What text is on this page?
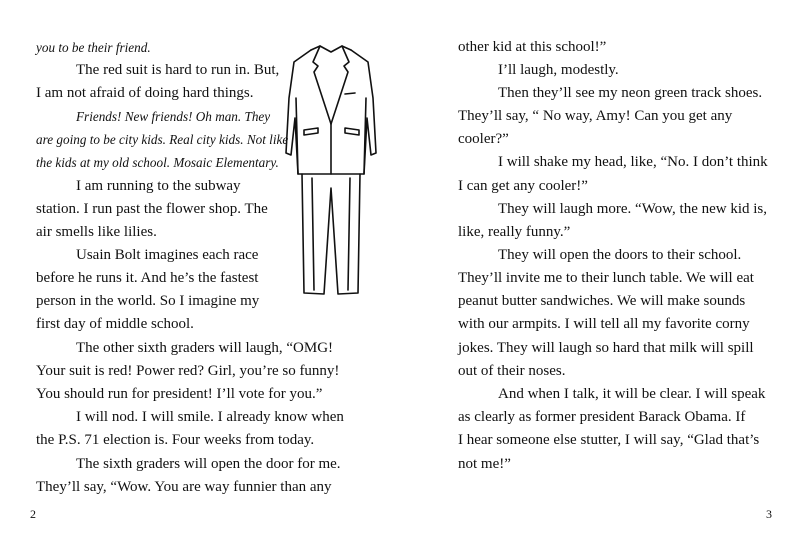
you to be their friend.

The red suit is hard to run in. But,

I am not afraid of doing hard things.

Friends! New friends! Oh man. They

are going to be city kids. Real city kids. Not like

the kids at my old school. Mosaic Elementary.

I am running to the subway

station. I run past the flower shop. The

air smells like lilies.

Usain Bolt imagines each race

before he runs it. And he’s the fastest

person in the world. So I imagine my

first day of middle school.

The other sixth graders will laugh, “OMG!

Your suit is red! Power red? Girl, you’re so funny!

You should run for president! I’ll vote for you.”

I will nod. I will smile. I already know when

the P.S. 71 election is. Four weeks from today.

The sixth graders will open the door for me.

They’ll say, “Wow. You are way funnier than any

2

other kid at this school!”

I’ll laugh, modestly.

Then they’ll see my neon green track shoes.

They’ll say, “ No way, Amy! Can you get any

cooler?”

I will shake my head, like, “No. I don’t think

I can get any cooler!”

They will laugh more. “Wow, the new kid is,

like, really funny.”

They will open the doors to their school.

They’ll invite me to their lunch table. We will eat

peanut butter sandwiches. We will make sounds

with our armpits. I will tell all my favorite corny

jokes. They will laugh so hard that milk will spill

out of their noses.

And when I talk, it will be clear. I will speak

as clearly as former president Barack Obama. If

I hear someone else stutter, I will say, “Glad that’s

not me!”

3
